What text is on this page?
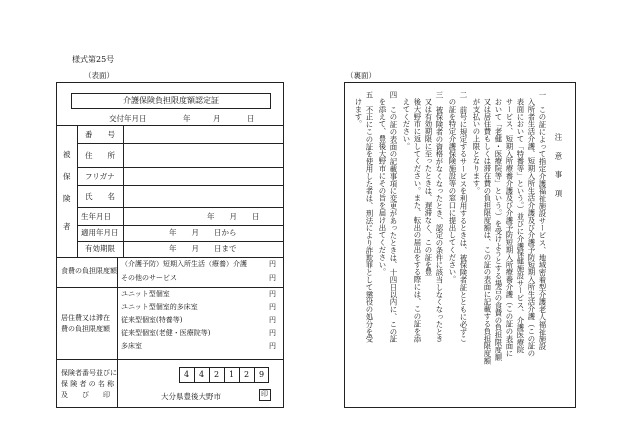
様式第25号
（表面）	（裏面）
介護保険負担限度額認定証
交付年月日	年	月	日
被
保
険
者
番　　号
住　　所
フリガナ
氏　　名
生年月日	年　　月　　日
適用年月日	年　　月　　日から
有効期限	年　　月　　日まで
食費の負担限度額
（介護予防）短期入所生活（療養）介護	円
その他のサービス	円
居住費又は滞在
費の負担限度額
ユニット型個室	円
ユニット型個室的多床室	円
従来型個室(特養等)	円
従来型個室(老健・医療院等)	円
多床室	円
保険者番号並びに
保 険 者 の 名 称
及　　び　　印
4	4	2	1	2	9
大分県豊後大野市	印
注　意　事　項
一　この証によって指定介護福祉施設サービス、地域密着型介護老人福祉施設
入所者生活介護、短期入所生活介護及び介護予防短期入所生活介護（この証の
表面において「特養等」という。）並びに介護保健施設サービス、介護医療院
サービス、短期入所療養介護及び介護予防短期入所療養介護（この証の表面に
おいて「老健・医療院等」という。）を受けようとする場合の食費の負担限度額
又は居住費もしくは滞在費の負担限度額は、この証の表面に記載する負担限度額
が支払いの上限となります。
二　前号に規定するサービスを利用するときは、被保険者証とともに必ずこ
の証を特定介護保険施設等の窓口に提出してください。
三　被保険者の資格がなくなったとき、認定の条件に該当しなくなったとき
又は有効期限に至ったときは、遅滞なく、この証を豊
後大野市に返してください。また、転出の届出をする際には、この証を添
えてください。
四　この証の表面の記載事項に変更があったときは、十四日以内に、この証
を添えて、豊後大野市にその旨を届け出てください。
五　不正にこの証を使用した者は、刑法により詐欺罪として懲役の処分を受
けます。
